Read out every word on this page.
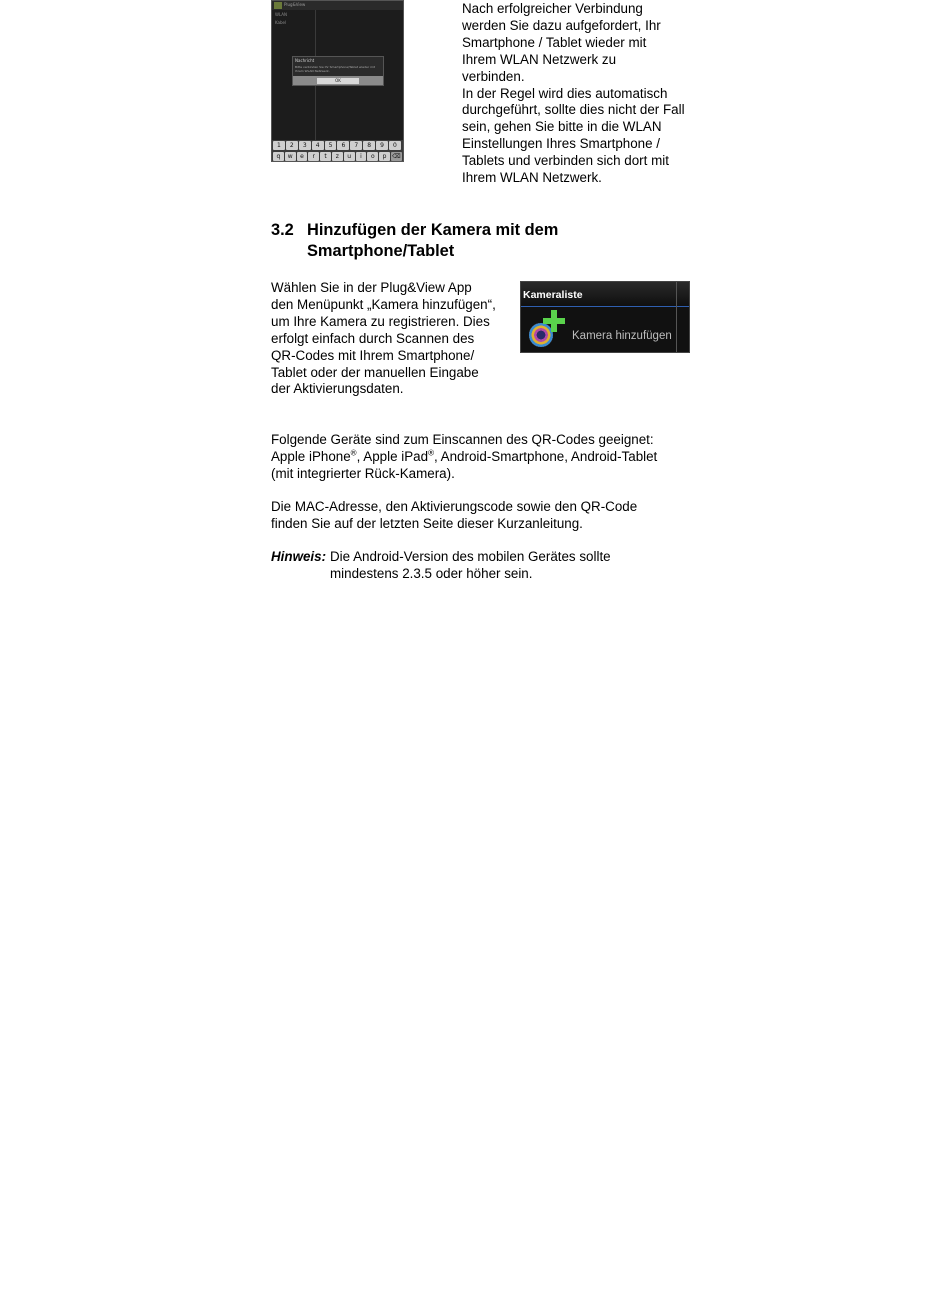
Plug&View
WLAN
Kabel
Nachricht
Bitte verbinden Sie Ihr Smartphone/Tablet wieder mit Ihrem WLAN Netzwerk.
OK
1	2	3	4	5	6	7	8	9	0
q	w	e	r	t	z	u	i	o	p ⌫
Nach erfolgreicher Verbindung
werden Sie dazu aufgefordert, Ihr
Smartphone / Tablet wieder mit
Ihrem WLAN Netzwerk zu
verbinden.
In der Regel wird dies automatisch
durchgeführt, sollte dies nicht der Fall
sein, gehen Sie bitte in die WLAN
Einstellungen Ihres Smartphone /
Tablets und verbinden sich dort mit
Ihrem WLAN Netzwerk.
3.2 Hinzufügen der Kamera mit dem
Smartphone/Tablet
Wählen Sie in der Plug&View App
den Menüpunkt „Kamera hinzufügen“,
um Ihre Kamera zu registrieren. Dies
erfolgt einfach durch Scannen des
QR-Codes mit Ihrem Smartphone/
Tablet oder der manuellen Eingabe
der Aktivierungsdaten.
Kameraliste
Kamera hinzufügen
Folgende Geräte sind zum Einscannen des QR-Codes geeignet:
Apple iPhone®, Apple iPad®, Android-Smartphone, Android-Tablet
(mit integrierter Rück-Kamera).
Die MAC-Adresse, den Aktivierungscode sowie den QR-Code
finden Sie auf der letzten Seite dieser Kurzanleitung.
Hinweis: Die Android-Version des mobilen Gerätes sollte
mindestens 2.3.5 oder höher sein.
